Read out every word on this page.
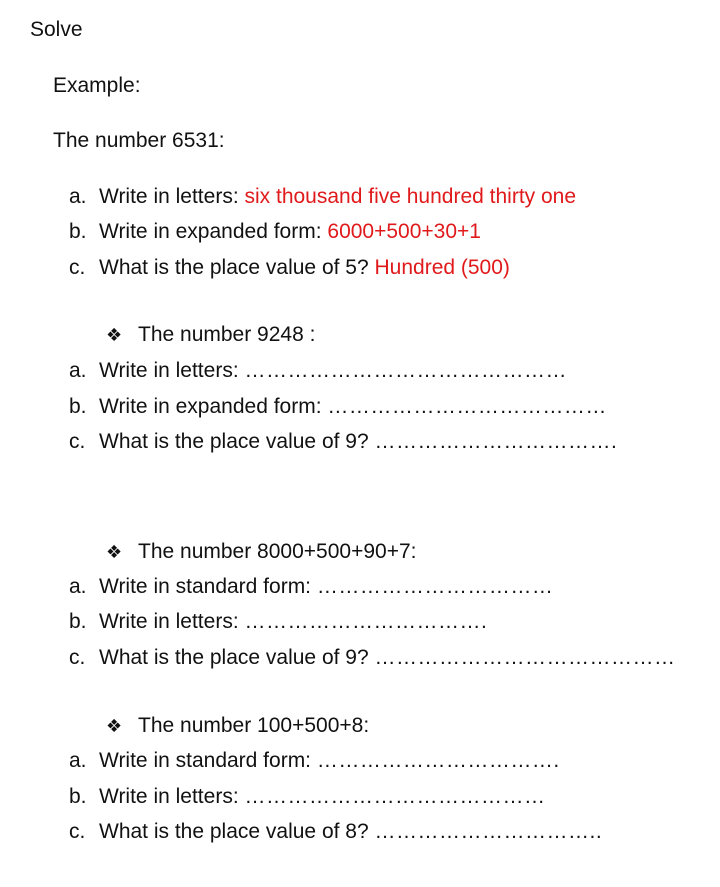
Solve
Example:
The number 6531:
a. Write in letters: six thousand five hundred thirty one
b. Write in expanded form: 6000+500+30+1
c. What is the place value of 5? Hundred (500)
❖ The number 9248 :
a. Write in letters: ………………………………………
b. Write in expanded form: …………………………………
c. What is the place value of 9? …………………………….
❖ The number 8000+500+90+7:
a. Write in standard form: ……………………………
b. Write in letters: …………………………….
c. What is the place value of 9? ……………………………………
❖ The number 100+500+8:
a. Write in standard form: …………………………….
b. Write in letters: ……………………………………
c. What is the place value of 8? …………………………..
